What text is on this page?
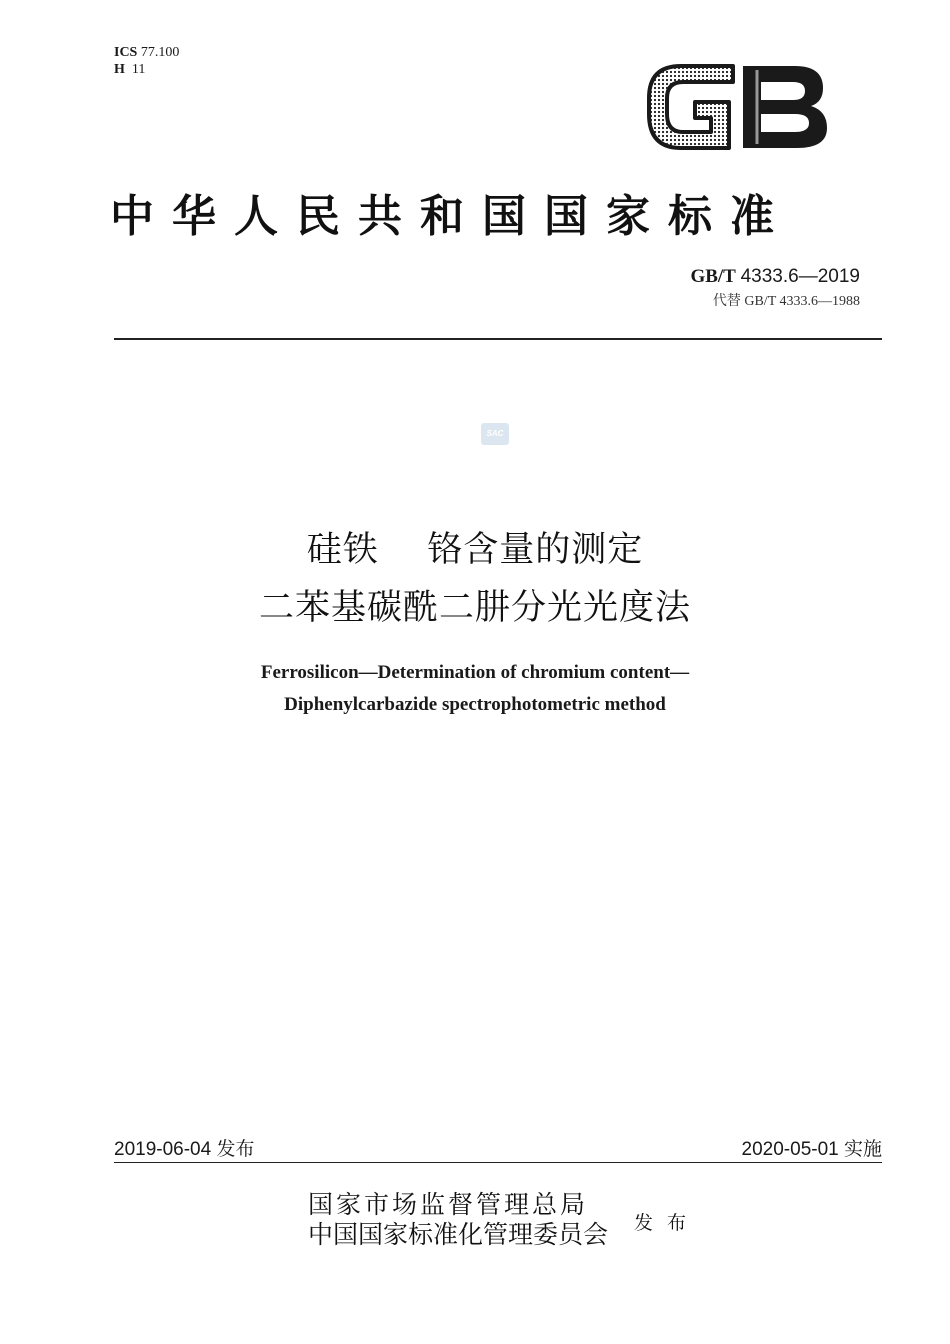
ICS 77.100
H 11
中华人民共和国国家标准
GB/T 4333.6—2019
代替 GB/T 4333.6—1988
SAC
硅铁    铬含量的测定
二苯基碳酰二肼分光光度法
Ferrosilicon—Determination of chromium content—
Diphenylcarbazide spectrophotometric method
2019-06-04 发布	2020-05-01 实施
国家市场监督管理总局
中国国家标准化管理委员会 发布
